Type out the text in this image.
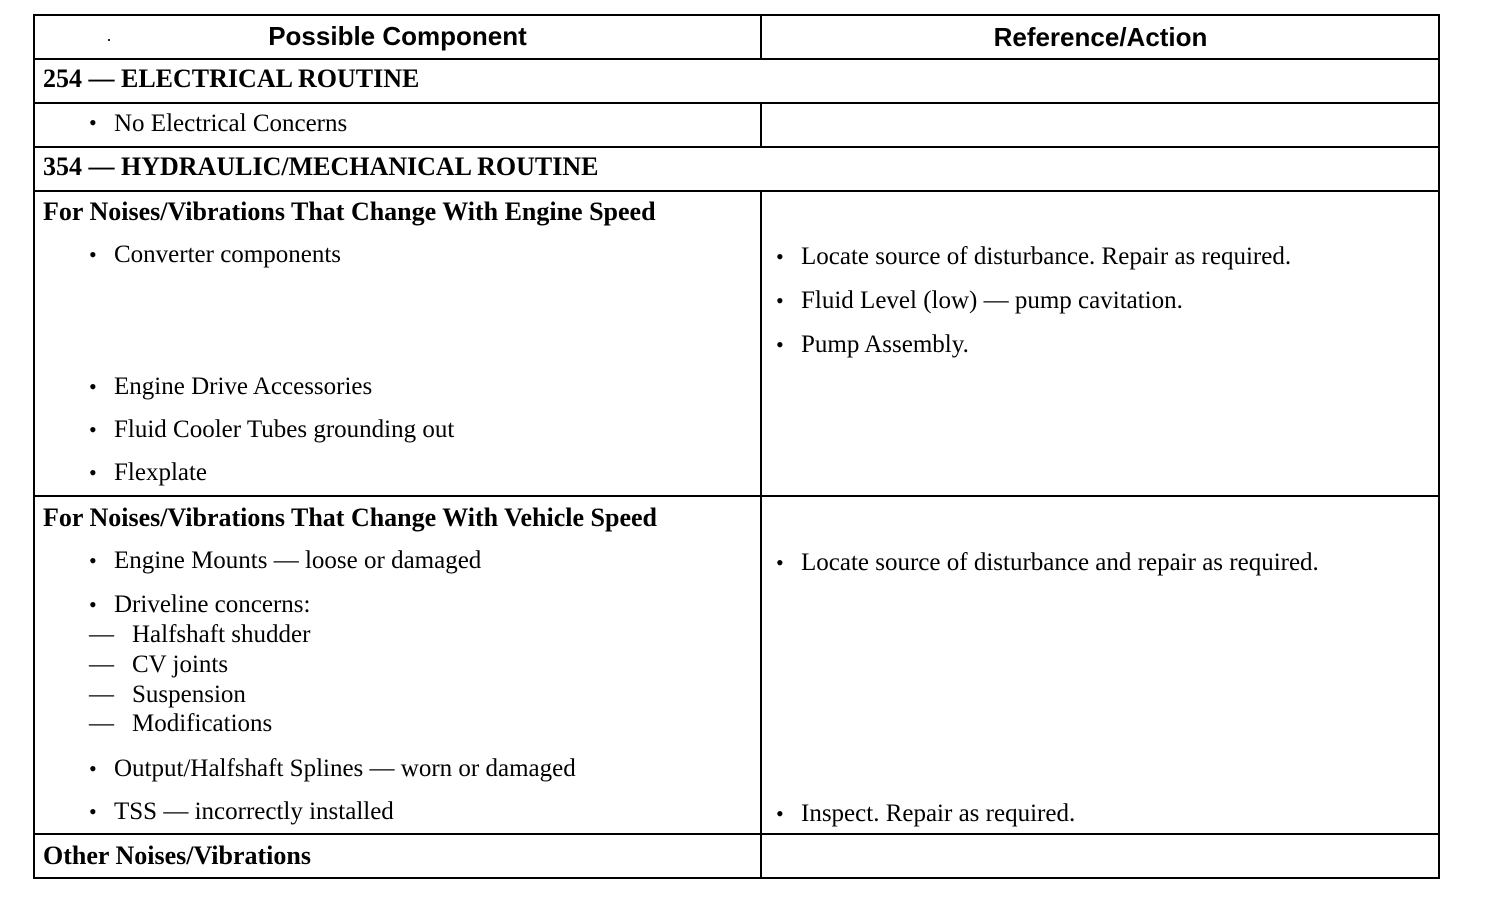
·	Possible Component	Reference/Action
254 — ELECTRICAL ROUTINE
• No Electrical Concerns
354 — HYDRAULIC/MECHANICAL ROUTINE
For Noises/Vibrations That Change With Engine Speed
• Converter components
• Engine Drive Accessories
• Fluid Cooler Tubes grounding out
• Flexplate
• Locate source of disturbance. Repair as required.
• Fluid Level (low) — pump cavitation.
• Pump Assembly.
For Noises/Vibrations That Change With Vehicle Speed
• Engine Mounts — loose or damaged
• Driveline concerns:
— Halfshaft shudder
— CV joints
— Suspension
— Modifications
• Output/Halfshaft Splines — worn or damaged
• TSS — incorrectly installed
• Locate source of disturbance and repair as required.
• Inspect. Repair as required.
Other Noises/Vibrations
